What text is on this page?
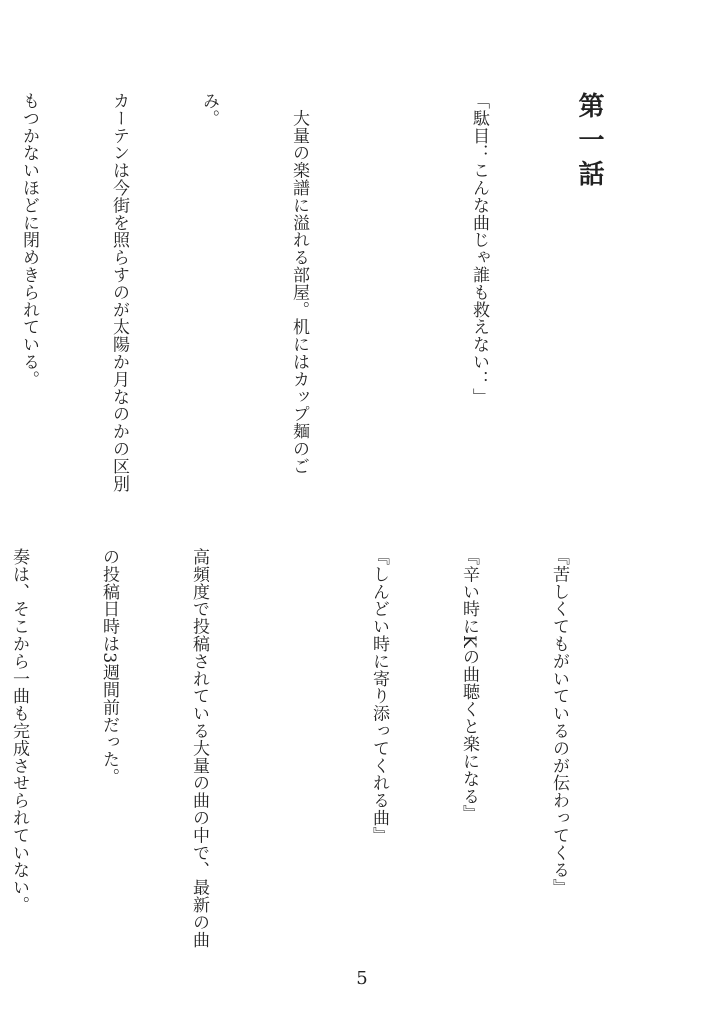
第一話

「駄目：こんな曲じゃ誰も救えない：」

　大量の楽譜に溢れる部屋。机にはカップ麺のご

み。

カーテンは今街を照らすのが太陽か月なのかの区別

もつかないほどに閉めきられている。

『苦しくてもがいているのが伝わってくる』

『辛い時にKの曲聴くと楽になる』

『しんどい時に寄り添ってくれる曲』

高頻度で投稿されている大量の曲の中で、最新の曲

の投稿日時は3週間前だった。

奏は、そこから一曲も完成させられていない。

5
